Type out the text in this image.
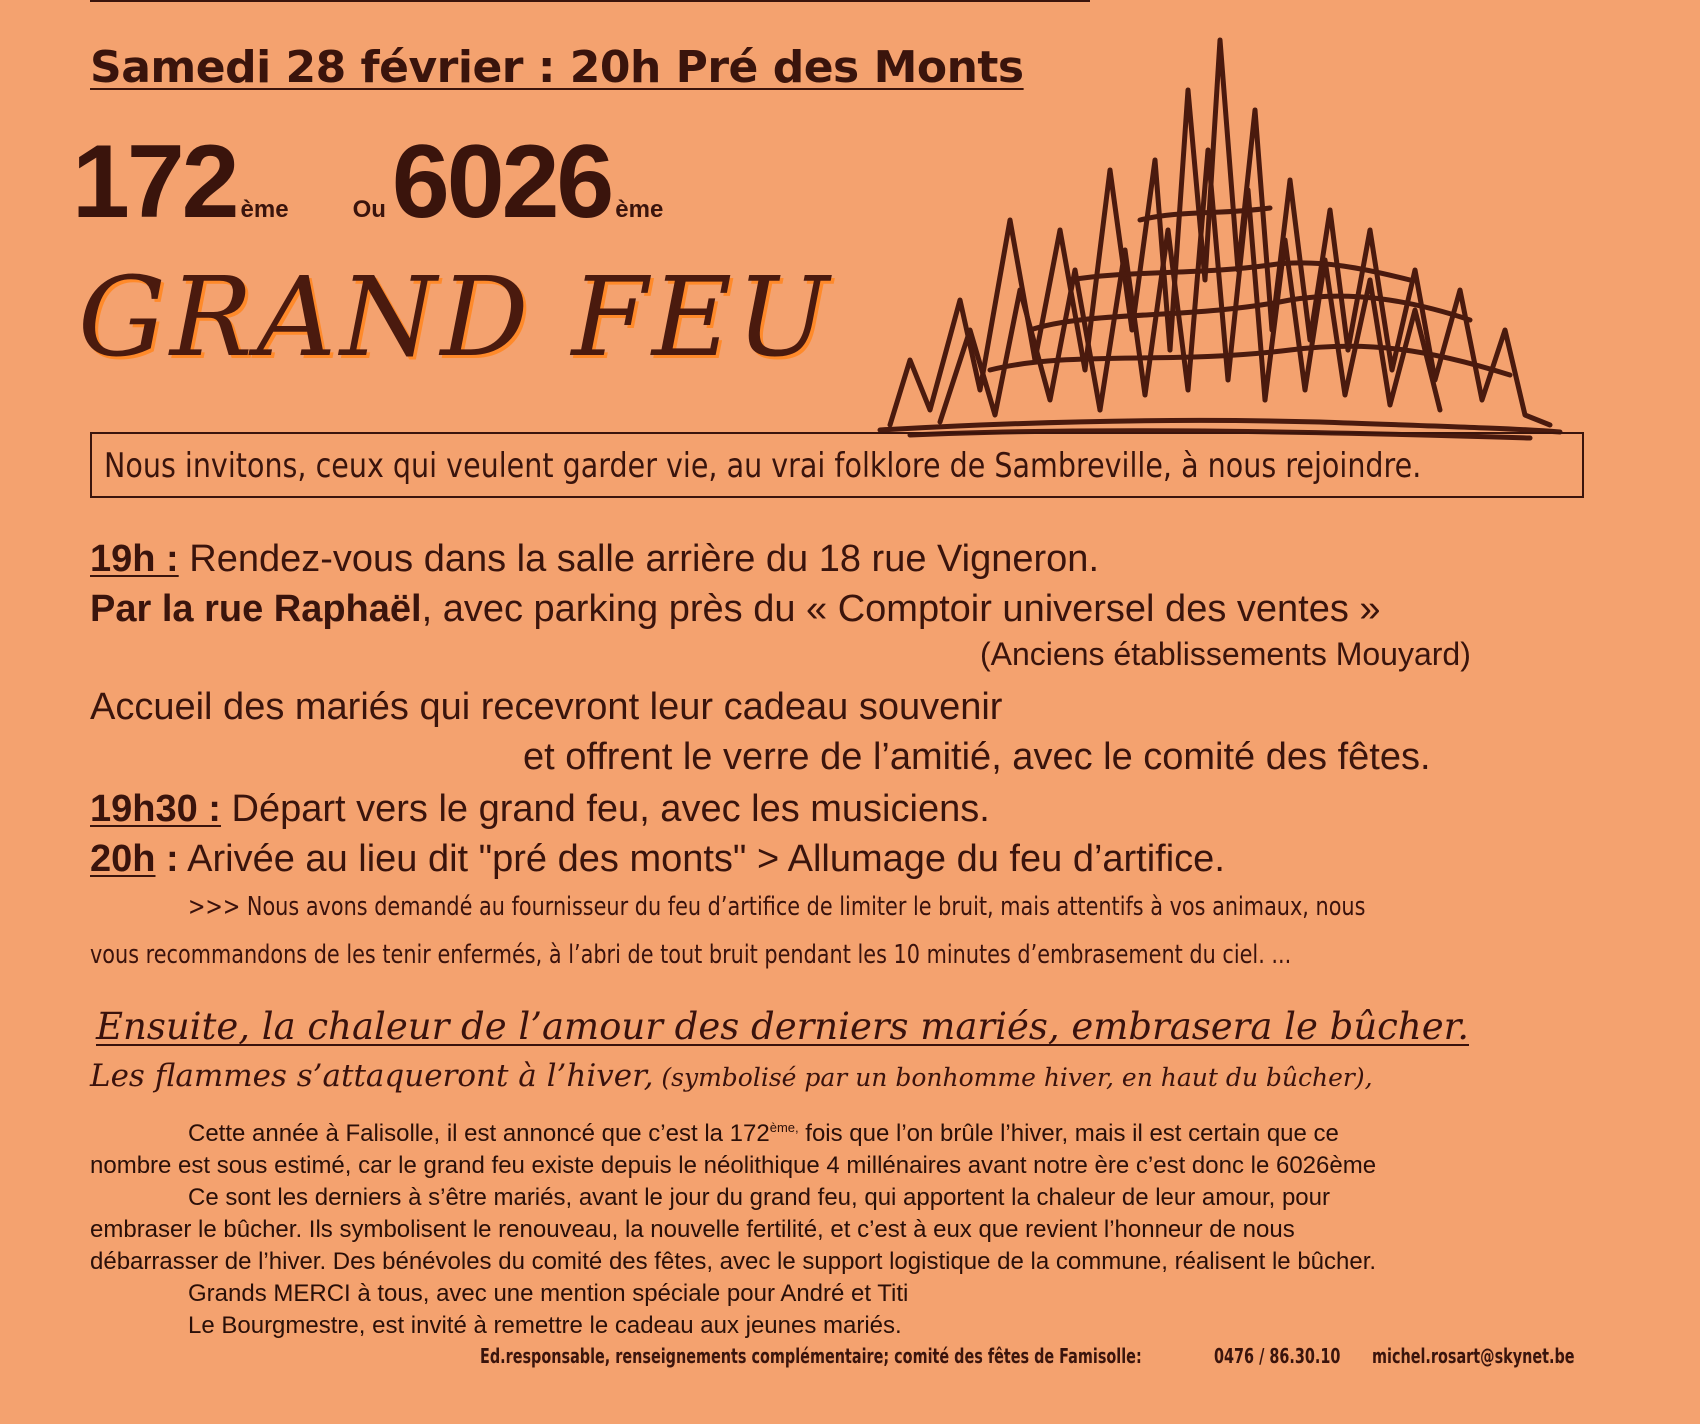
Samedi 28 février : 20h Pré des Monts
172 ème	Ou6026 ème
GRAND FEU
Nous invitons, ceux qui veulent garder vie, au vrai folklore de Sambreville, à nous rejoindre.
19h : Rendez-vous dans la salle arrière du 18 rue Vigneron.
Par la rue Raphaël, avec parking près du « Comptoir universel des ventes »
(Anciens établissements Mouyard)
Accueil des mariés qui recevront leur cadeau souvenir
et offrent le verre de l’amitié, avec le comité des fêtes.
19h30 : Départ vers le grand feu, avec les musiciens.
20h : Arivée au lieu dit "pré des monts" > Allumage du feu d’artifice.
>>> Nous avons demandé au fournisseur du feu d’artifice de limiter le bruit, mais attentifs à vos animaux, nous
vous recommandons de les tenir enfermés, à l’abri de tout bruit pendant les 10 minutes d’embrasement du ciel. ...
Ensuite, la chaleur de l’amour des derniers mariés, embrasera le bûcher.
Les flammes s’attaqueront à l’hiver, (symbolisé par un bonhomme hiver, en haut du bûcher),
Cette année à Falisolle, il est annoncé que c’est la $172^{ème,}$ fois que l’on brûle l’hiver, mais il est certain que ce
nombre est sous estimé, car le grand feu existe depuis le néolithique 4 millénaires avant notre ère c’est donc le 6026ème
Ce sont les derniers à s’être mariés, avant le jour du grand feu, qui apportent la chaleur de leur amour, pour
embraser le bûcher. Ils symbolisent le renouveau, la nouvelle fertilité, et c’est à eux que revient l’honneur de nous
débarrasser de l’hiver. Des bénévoles du comité des fêtes, avec le support logistique de la commune, réalisent le bûcher.
Grands MERCI à tous, avec une mention spéciale pour André et Titi
Le Bourgmestre, est invité à remettre le cadeau aux jeunes mariés.
Ed.responsable, renseignements complémentaire; comité des fêtes de Famisolle:	0476 / 86.30.10 michel.rosart@skynet.be
